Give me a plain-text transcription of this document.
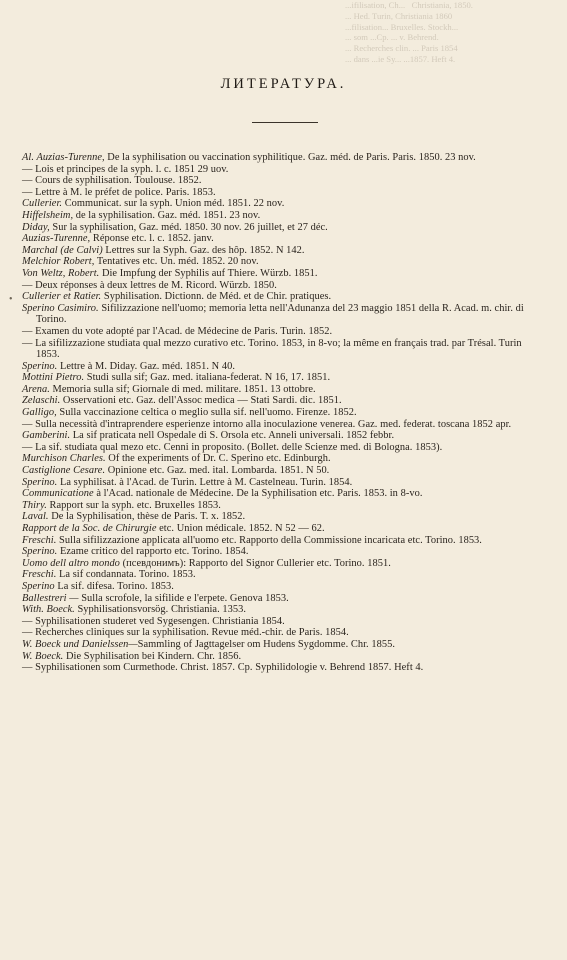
...ifilisation, Ch...   Christiania, 1850.
... Hed. Turin, Christiania 1860
...filisation... Bruxelles. Stockh...
... som ...Cp. ... v. Behrend.
... Recherches clin. ... Paris 1854
... dans ...ie Sy... ...1857. Heft 4.
ЛИТЕРАТУРА.
•
Al. Auzias-Turenne, De la syphilisation ou vaccination syphilitique. Gaz. méd. de Paris. Paris. 1850. 23 nov.
— Lois et principes de la syph. l. c. 1851 29 uov.
— Cours de syphilisation. Toulouse. 1852.
— Lettre à M. le préfet de police. Paris. 1853.
Cullerier. Communicat. sur la syph. Union méd. 1851. 22 nov.
Hiffelsheim, de la syphilisation. Gaz. méd. 1851. 23 nov.
Diday, Sur la syphilisation, Gaz. méd. 1850. 30 nov. 26 juillet, et 27 déc.
Auzias-Turenne, Réponse etc. l. c. 1852. janv.
Marchal (de Calvi) Lettres sur la Syph. Gaz. des hôp. 1852. N 142.
Melchior Robert, Tentatives etc. Un. méd. 1852. 20 nov.
Von Weltz, Robert. Die Impfung der Syphilis auf Thiere. Würzb. 1851.
— Deux réponses à deux lettres de M. Ricord. Würzb. 1850.
Cullerier et Ratier. Syphilisation. Dictionn. de Méd. et de Chir. pratiques.
Sperino Casimiro. Sifilizzazione nell'uomo; memoria letta nell'Adunanza del 23 maggio 1851 della R. Acad. m. chir. di Torino.
— Examen du vote adopté par l'Acad. de Médecine de Paris. Turin. 1852.
— La sifilizzazione studiata qual mezzo curativo etc. Torino. 1853, in 8-vo; la même en français trad. par Trésal. Turin 1853.
Sperino. Lettre à M. Diday. Gaz. méd. 1851. N 40.
Mottini Pietro. Studi sulla sif; Gaz. med. italiana-federat. N 16, 17. 1851.
Arena. Memoria sulla sif; Giornale di med. militare. 1851. 13 ottobre.
Zelaschi. Osservationi etc. Gaz. dell'Assoc medica — Stati Sardi. dic. 1851.
Galligo, Sulla vaccinazione celtica o meglio sulla sif. nell'uomo. Firenze. 1852.
— Sulla necessità d'intraprendere esperienze intorno alla inoculazione venerea. Gaz. med. federat. toscana 1852 apr.
Gamberini. La sif praticata nell Ospedale di S. Orsola etc. Anneli universali. 1852 febbr.
— La sif. studiata qual mezo etc. Cenni in proposito. (Bollet. delle Scienze med. di Bologna. 1853).
Murchison Charles. Of the experiments of Dr. C. Sperino etc. Edinburgh.
Castiglione Cesare. Opinione etc. Gaz. med. ital. Lombarda. 1851. N 50.
Sperino. La syphilisat. à l'Acad. de Turin. Lettre à M. Castelneau. Turin. 1854.
Communicatione à l'Acad. nationale de Médecine. De la Syphilisation etc. Paris. 1853. in 8-vo.
Thiry. Rapport sur la syph. etc. Bruxelles 1853.
Laval. De la Syphilisation, thèse de Paris. T. x. 1852.
Rapport de la Soc. de Chirurgie etc. Union médicale. 1852. N 52 — 62.
Freschi. Sulla sifilizzazione applicata all'uomo etc. Rapporto della Commissione incaricata etc. Torino. 1853.
Sperino. Ezame critico del rapporto etc. Torino. 1854.
Uomo dell altro mondo (псевдонимъ): Rapporto del Signor Cullerier etc. Torino. 1851.
Freschi. La sif condannata. Torino. 1853.
Sperino La sif. difesa. Torino. 1853.
Ballestreri — Sulla scrofole, la sifilide e l'erpete. Genova 1853.
With. Boeck. Syphilisationsvorsög. Christiania. 1353.
— Syphilisationen studeret ved Sygesengen. Christiania 1854.
— Recherches cliniques sur la syphilisation. Revue méd.-chir. de Paris. 1854.
W. Boeck und Danielssen—Sammling of Jagttagelser om Hudens Sygdomme. Chr. 1855.
W. Boeck. Die Syphilisation bei Kindern. Chr. 1856.
— Syphilisationen som Curmethode. Christ. 1857. Cp. Syphilidologie v. Behrend 1857. Heft 4.
